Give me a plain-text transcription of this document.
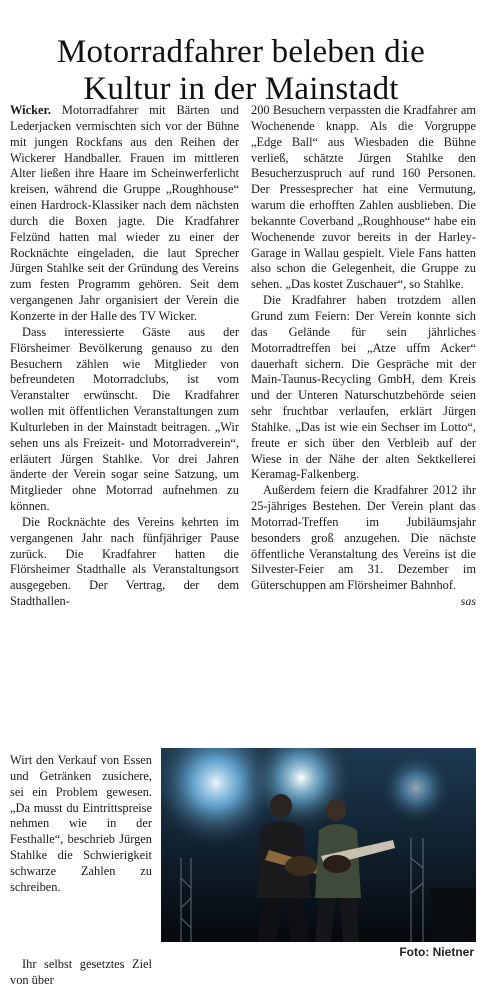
Motorradfahrer beleben die
Kultur in der Mainstadt

Wicker. Motorradfahrer mit Bärten und Lederjacken vermischten sich vor der Bühne mit jungen Rockfans aus den Reihen der Wickerer Handballer. Frauen im mittleren Alter ließen ihre Haare im Scheinwerferlicht kreisen, während die Gruppe „Roughhouse“ einen Hardrock-Klassiker nach dem nächsten durch die Boxen jagte. Die Kradfahrer Felzünd hatten mal wieder zu einer der Rocknächte eingeladen, die laut Sprecher Jürgen Stahlke seit der Gründung des Vereins zum festen Programm gehören. Seit dem vergangenen Jahr organisiert der Verein die Konzerte in der Halle des TV Wicker.

Dass interessierte Gäste aus der Flörsheimer Bevölkerung genauso zu den Besuchern zählen wie Mitglieder von befreundeten Motorradclubs, ist vom Veranstalter erwünscht. Die Kradfahrer wollen mit öffentlichen Veranstaltungen zum Kulturleben in der Mainstadt beitragen. „Wir sehen uns als Freizeit- und Motorradverein“, erläutert Jürgen Stahlke. Vor drei Jahren änderte der Verein sogar seine Satzung, um Mitglieder ohne Motorrad aufnehmen zu können.

Die Rocknächte des Vereins kehrten im vergangenen Jahr nach fünfjähriger Pause zurück. Die Kradfahrer hatten die Flörsheimer Stadthalle als Veranstaltungsort ausgegeben. Der Vertrag, der dem Stadthallen-

Wirt den Verkauf von Essen und Getränken zusichere, sei ein Problem gewesen. „Da musst du Eintrittspreise nehmen wie in der Festhalle“, beschrieb Jürgen Stahlke die Schwierigkeit schwarze Zahlen zu schreiben.

Ihr selbst gesetztes Ziel von über

200 Besuchern verpassten die Kradfahrer am Wochenende knapp. Als die Vorgruppe „Edge Ball“ aus Wiesbaden die Bühne verließ, schätzte Jürgen Stahlke den Besucherzuspruch auf rund 160 Personen. Der Pressesprecher hat eine Vermutung, warum die erhofften Zahlen ausblieben. Die bekannte Coverband „Roughhouse“ habe ein Wochenende zuvor bereits in der Harley-Garage in Wallau gespielt. Viele Fans hatten also schon die Gelegenheit, die Gruppe zu sehen. „Das kostet Zuschauer“, so Stahlke.

Die Kradfahrer haben trotzdem allen Grund zum Feiern: Der Verein konnte sich das Gelände für sein jährliches Motorradtreffen bei „Atze uffm Acker“ dauerhaft sichern. Die Gespräche mit der Main-Taunus-Recycling GmbH, dem Kreis und der Unteren Naturschutzbehörde seien sehr fruchtbar verlaufen, erklärt Jürgen Stahlke. „Das ist wie ein Sechser im Lotto“, freute er sich über den Verbleib auf der Wiese in der Nähe der alten Sektkellerei Keramag-Falkenberg.

Außerdem feiern die Kradfahrer 2012 ihr 25-jähriges Bestehen. Der Verein plant das Motorrad-Treffen im Jubiläumsjahr besonders groß anzugehen. Die nächste öffentliche Veranstaltung des Vereins ist die Silvester-Feier am 31. Dezember im Güterschuppen am Flörsheimer Bahnhof.
sas

Foto: Nietner
